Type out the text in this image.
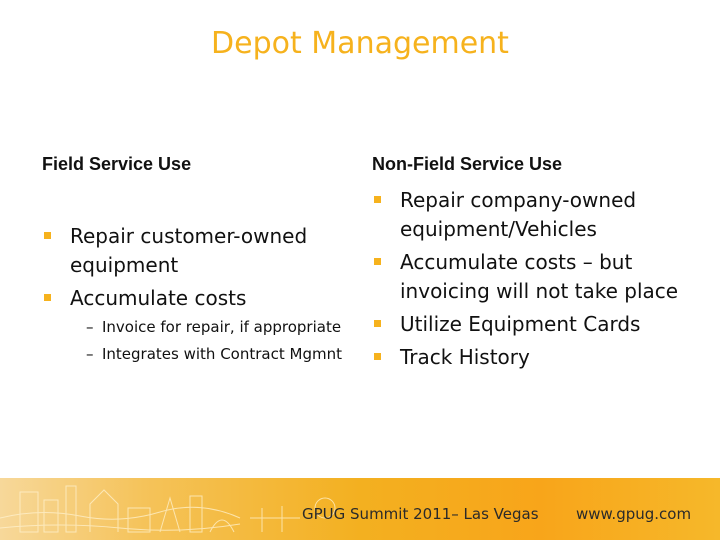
Depot Management
Field Service Use
Repair customer-owned equipment
Accumulate costs
– Invoice for repair, if appropriate
– Integrates with Contract Mgmnt
Non-Field Service Use
Repair company-owned equipment/Vehicles
Accumulate costs – but invoicing will not take place
Utilize Equipment Cards
Track History
GPUG Summit 2011– Las Vegas www.gpug.com
